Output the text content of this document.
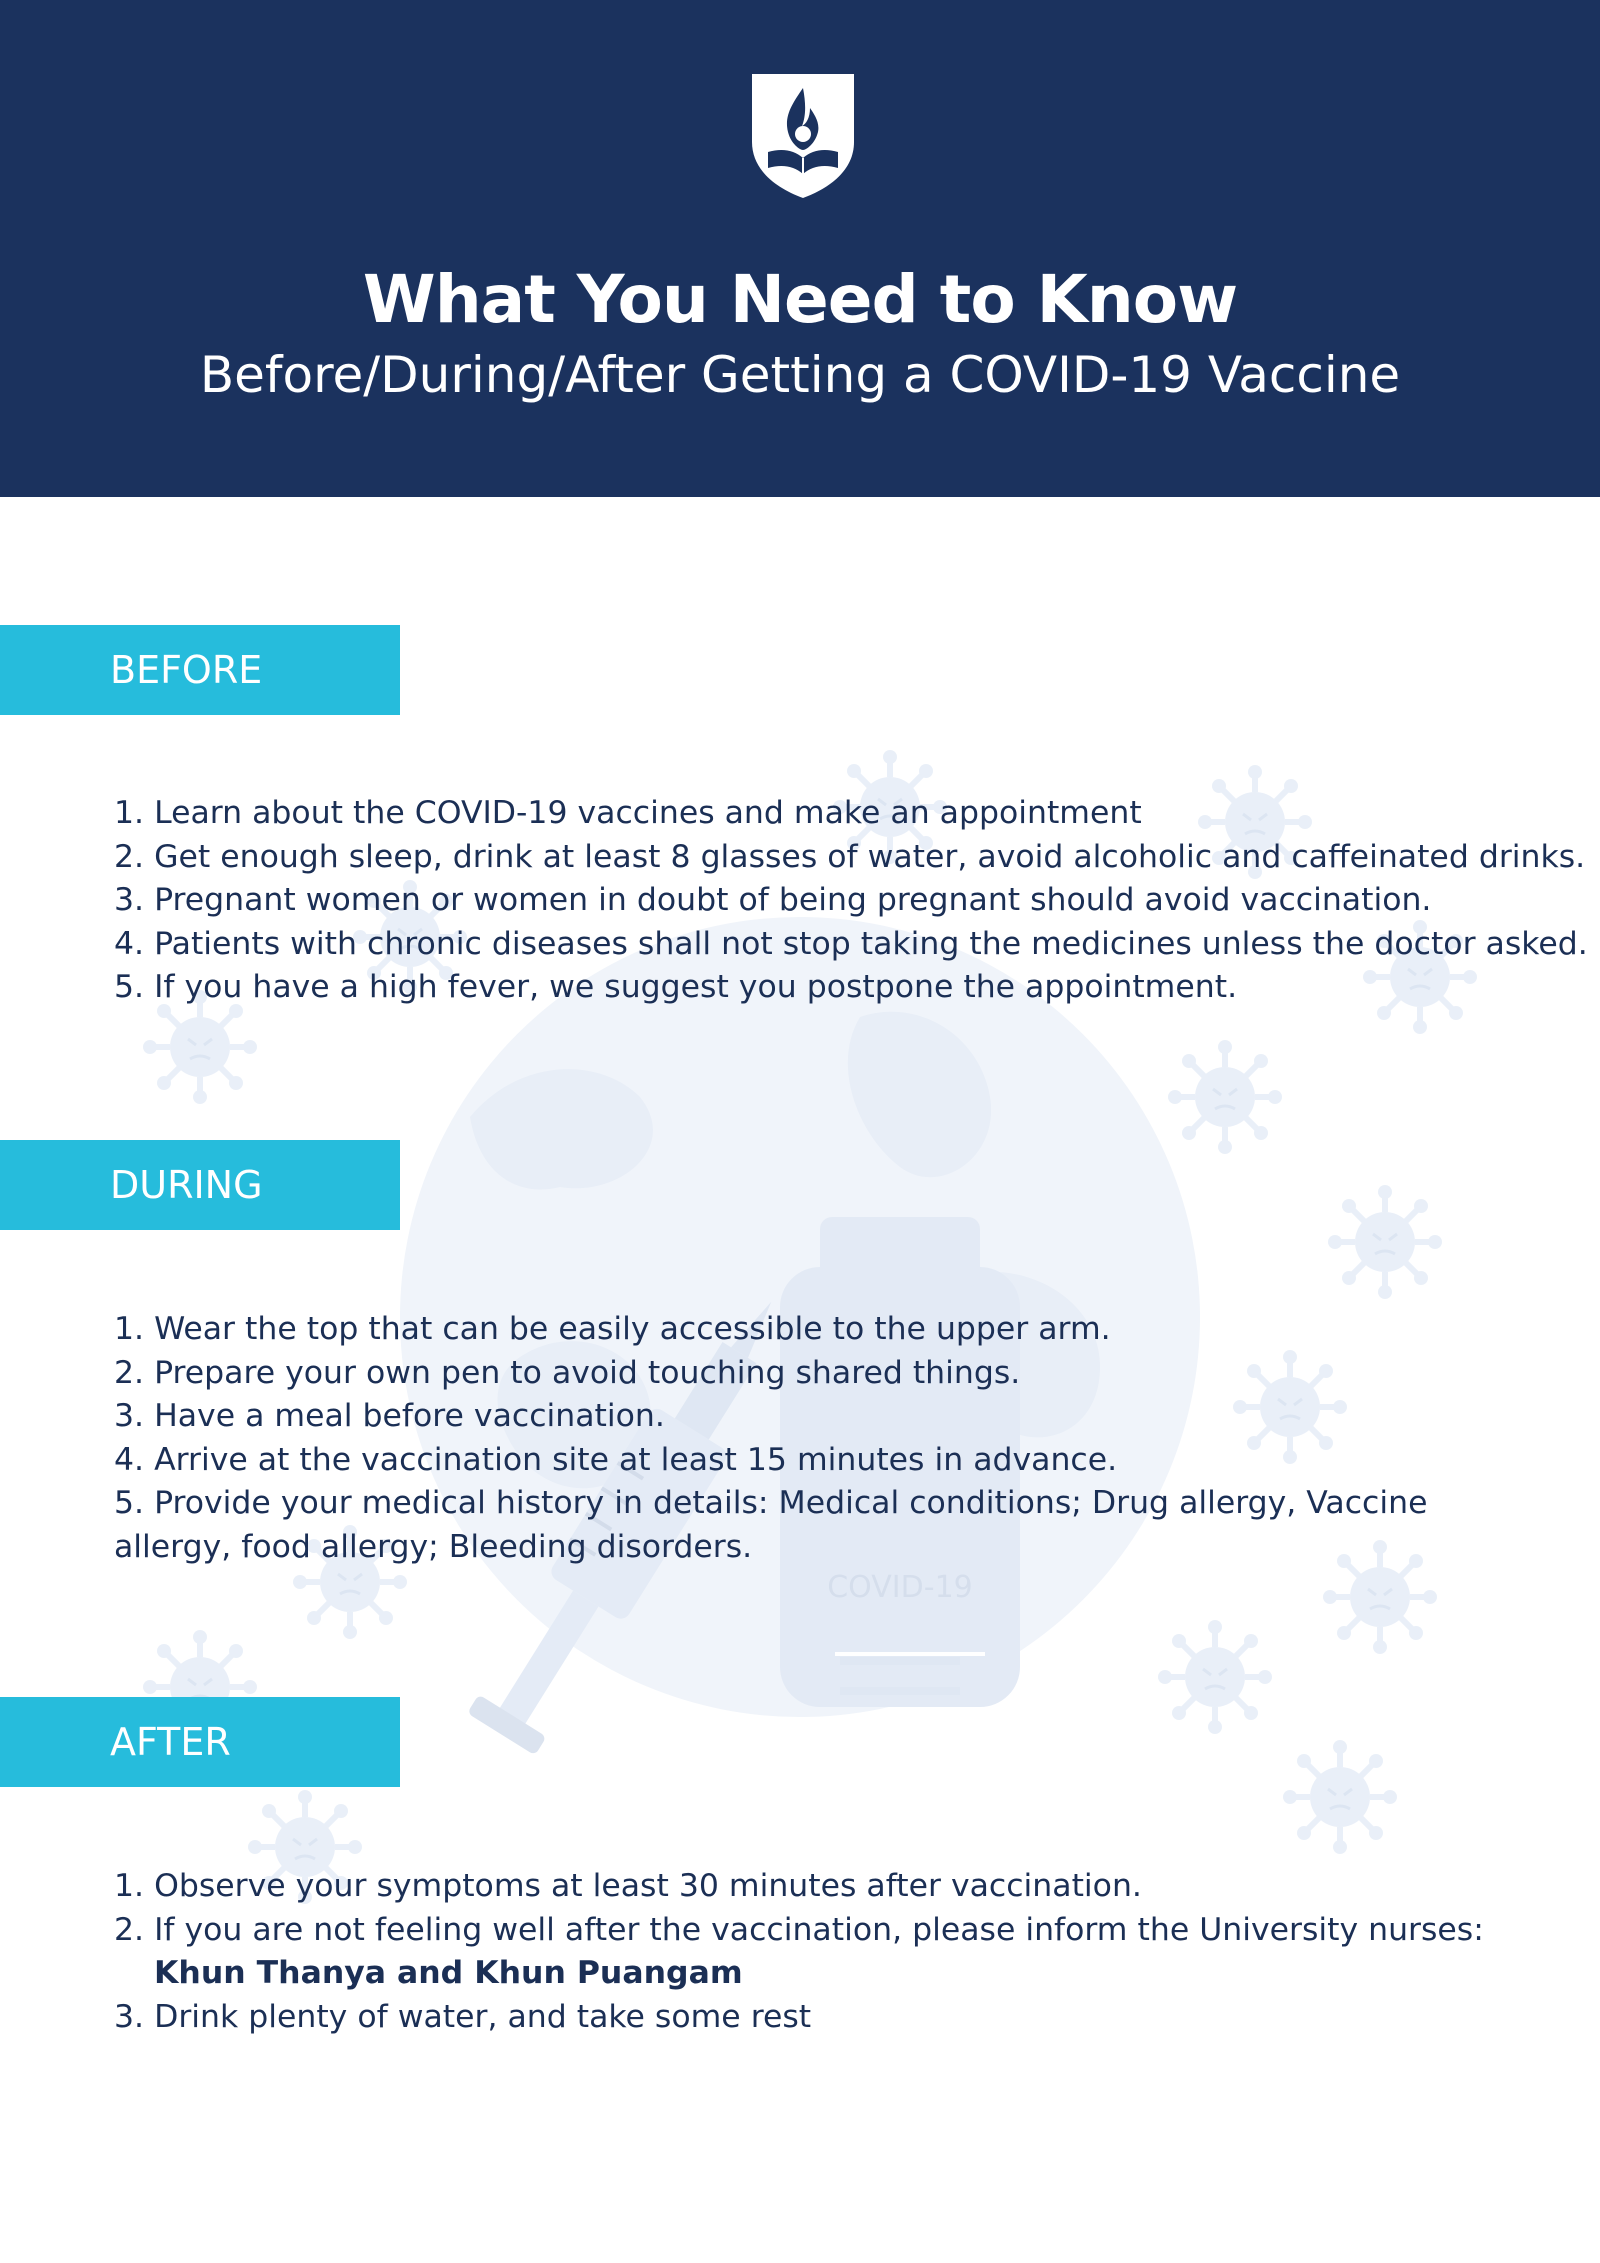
What You Need to Know

Before/During/After Getting a COVID-19 Vaccine

COVID-19
BEFORE
1. Learn about the COVID-19 vaccines and make an appointment
2. Get enough sleep, drink at least 8 glasses of water, avoid alcoholic and caffeinated drinks.
3. Pregnant women or women in doubt of being pregnant should avoid vaccination.
4. Patients with chronic diseases shall not stop taking the medicines unless the doctor asked.
5. If you have a high fever, we suggest you postpone the appointment.
DURING
1. Wear the top that can be easily accessible to the upper arm.
2. Prepare your own pen to avoid touching shared things.
3. Have a meal before vaccination.
4. Arrive at the vaccination site at least 15 minutes in advance.
5. Provide your medical history in details: Medical conditions; Drug allergy, Vaccine allergy, food allergy; Bleeding disorders.
AFTER
1. Observe your symptoms at least 30 minutes after vaccination.
2. If you are not feeling well after the vaccination, please inform the University nurses:
Khun Thanya and Khun Puangam
3. Drink plenty of water, and take some rest
